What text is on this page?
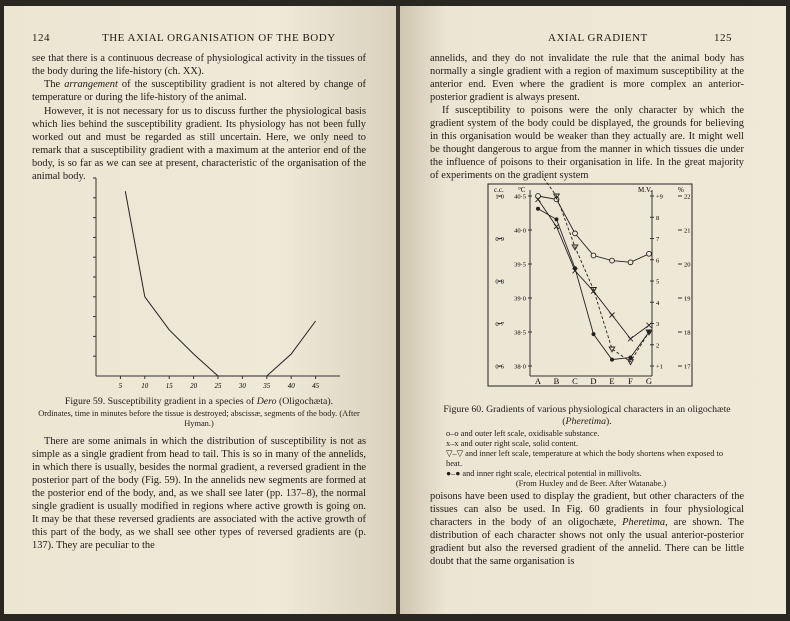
124	THE AXIAL ORGANISATION OF THE BODY

see that there is a continuous decrease of physiological activity in the tissues of the body during the life-history (ch. XX).

The arrangement of the susceptibility gradient is not altered by change of temperature or during the life-history of the animal.

However, it is not necessary for us to discuss further the physiological basis which lies behind the susceptibility gradient. Its physiology has not been fully worked out and must be regarded as still uncertain. Here, we only need to remark that a susceptibility gradient with a maximum at the anterior end of the body, is so far as we can see at present, characteristic of the organisation of the animal body.

5	10 15 20 25 30 35 40 45

Figure 59. Susceptibility gradient in a species of Dero (Oligochæta).

Ordinates, time in minutes before the tissue is destroyed; abscissæ, segments of the body. (After Hyman.)

There are some animals in which the distribution of susceptibility is not as simple as a single gradient from head to tail. This is so in many of the annelids, in which there is usually, besides the normal gradient, a reversed gradient in the posterior part of the body (Fig. 59). In the annelids new segments are formed at the posterior end of the body, and, as we shall see later (pp. 137–8), the normal single gradient is usually modified in regions where active growth is going on. It may be that these reversed gradients are associated with the active growth of this part of the body, as we shall see other types of reversed gradients are (p. 137). They are peculiar to the

AXIAL GRADIENT	125

annelids, and they do not invalidate the rule that the animal body has normally a single gradient with a region of maximum susceptibility at the anterior end. Even where the gradient is more complex an anterior-posterior gradient is always present.

If susceptibility to poisons were the only character by which the gradient system of the body could be displayed, the grounds for believing in this organisation would be weaker than they actually are. It might well be thought dangerous to argue from the manner in which tissues die under the influence of poisons to their organisation in life. In the great majority of experiments on the gradient system

c.c. °C	M.V.	%
1·0
0·9
0·8
0·7
0·6
40·5
40·0
39·5
39·0
38·5
38·0
+9
8
7
6
5
4
3
2
+1
22
21
20
19
18
17
A B C D E F G

Figure 60. Gradients of various physiological characters in an oligochæte (Pheretima).

o–o and outer left scale, oxidisable substance.
x–x and outer right scale, solid content.
▽–▽ and inner left scale, temperature at which the body shortens when exposed to heat.
●–● and inner right scale, electrical potential in millivolts.
(From Huxley and de Beer. After Watanabe.)

poisons have been used to display the gradient, but other characters of the tissues can also be used. In Fig. 60 gradients in four physiological characters in the body of an oligochæte, Pheretima, are shown. The distribution of each character shows not only the usual anterior-posterior gradient but also the reversed gradient of the annelid. There can be little doubt that the same organisation is
